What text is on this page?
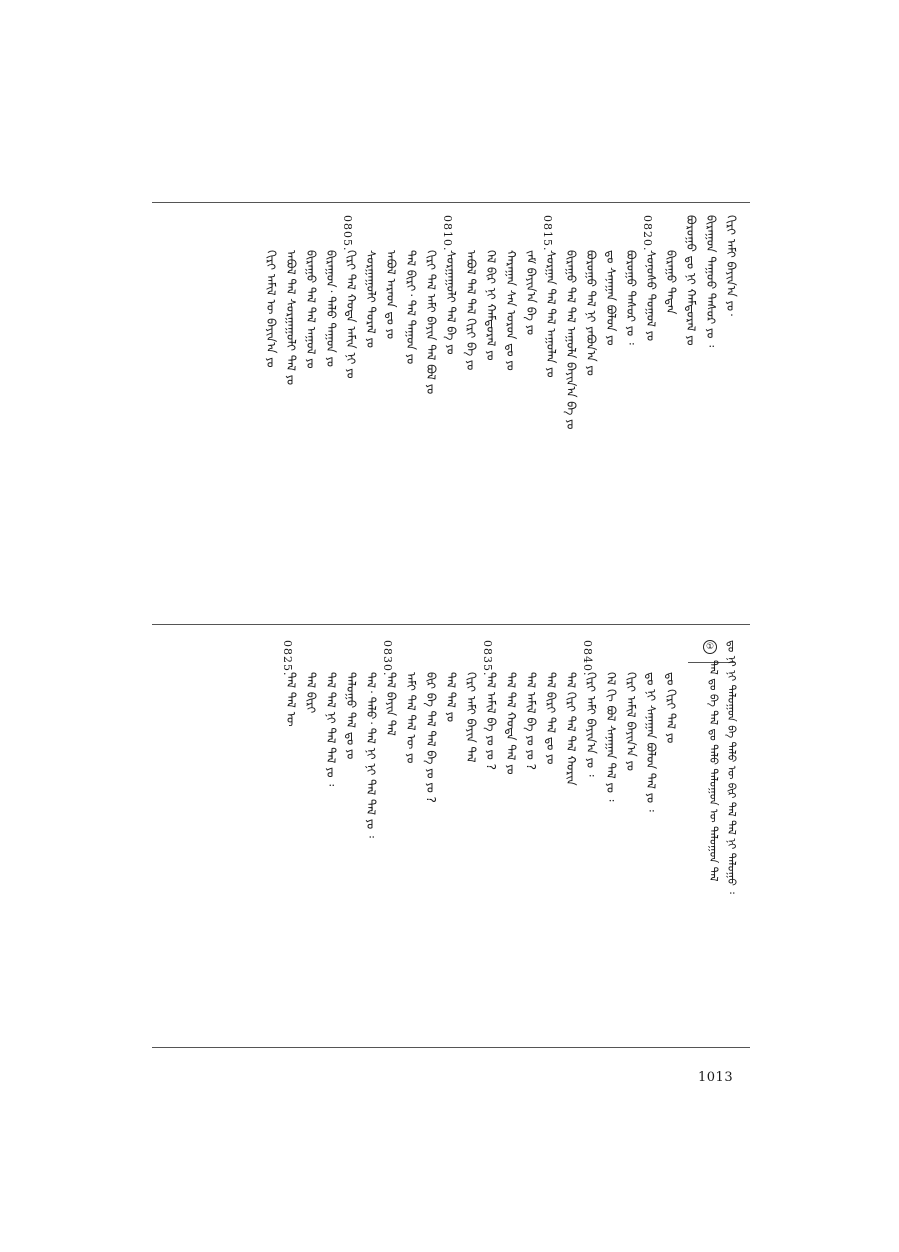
ᠬᠢᠷᠢ ᠠᠮᠢ ᠪᠠᠶᠢᠨ᠎ᠠ ᠶᠤ᠂
ᠪᠢᠷᠠᠭᠤᠨ ᠳᠠᠭᠤᠤ ᠲᠠᠰᠤᠷ ᠶᠤ ᠄
ᠪᠤᠷᠤᠭᠤ ᠳᠤ ᠨᠢ ᠬᠠᠮᠲᠤᠷᠠᠯ ᠶᠤ
ᠪᠢᠷᠠᠭᠤ ᠲᠠᠲᠠᠨ
ᠰᠣᠨᠣᠰᠤ ᠲᠤᠭᠤᠯ ᠶᠤ
0820.
ᠪᠤᠷᠤᠭᠤ ᠲᠠᠰᠤᠷ ᠶᠤ ᠄
ᠳᠤ ᠰᠠᠨᠠᠭᠠᠨ ᠪᠣᠯᠤᠨ ᠶᠤ
ᠪᠣᠷᠤᠭᠤ ᠲᠠᠯ ᠨᠢ ᠶᠠᠪᠤᠨ᠎ᠠ ᠶᠤ
ᠪᠢᠷᠠᠭᠤ ᠲᠠᠯ ᠲᠠᠯ ᠠᠭᠤᠯᠠ ᠪᠠᠶᠢᠨ᠎ᠠ ᠪᠠ ᠶᠤ
ᠰᠤᠷᠭᠠᠨ ᠲᠠᠯ ᠲᠠᠯ ᠠᠭᠤᠯᠠᠨ ᠶᠤ
0815.
ᠵᠠᠮ ᠪᠠᠶᠢᠨ᠎ᠠ ᠪᠠ ᠶᠤ
ᠬᠠᠷᠠᠭᠠᠨ ᠰᠠᠨ ᠣᠷᠣᠨ ᠳᠤ ᠶᠤ
ᠬᠡᠯ ᠪᠢᠷ ᠨᠢ ᠬᠠᠮᠲᠤᠷᠠᠯ ᠶᠤ
ᠠᠪᠤᠯ ᠲᠠᠯ ᠲᠠᠯ ᠬᠢᠷᠢ ᠪᠠ ᠶᠤ
ᠰᠤᠷᠭᠠᠭᠤᠯᠢ ᠲᠠᠯ ᠪᠠ ᠶᠤ
0810.
ᠬᠢᠷᠢ ᠲᠠᠯ ᠠᠮᠢ ᠪᠠᠶᠢᠨ ᠲᠠᠯ ᠪᠣᠯ ᠶᠤ
ᠲᠠᠯ ᠪᠢᠷᠢ᠂ ᠲᠠᠯ ᠳᠠᠭᠤᠨ ᠶᠤ
ᠠᠪᠤᠯ ᠠᠷᠠᠳ ᠳᠤ ᠶᠤ
ᠰᠤᠷᠭᠠᠭᠤᠯᠢ ᠲᠤᠷᠠᠯ ᠶᠤ
ᠬᠢᠷᠢ ᠲᠠᠯ ᠬᠣᠲᠠ ᠠᠮᠢᠨ ᠨᠢ ᠶᠤ
0805.
ᠪᠢᠷᠠᠭᠤᠨ᠂ ᠲᠠᠯᠤ ᠳᠠᠭᠤᠨ ᠶᠤ
ᠪᠢᠷᠠᠭᠤ ᠲᠠᠯ ᠲᠠᠯ ᠠᠭᠤᠯ ᠶᠤ
ᠠᠪᠤᠯ ᠲᠠᠯ ᠰᠤᠷᠭᠠᠭᠤᠯᠢ ᠲᠠᠯ ᠶᠤ
ᠬᠢᠷᠢ ᠠᠮᠢᠯ ᠦ ᠪᠠᠶᠢᠨ᠎ᠠ ᠶᠤ
ᠳᠤ ᠨᠢ ᠨᠢ ᠲᠠᠯᠤᠭᠤᠨ ᠪᠠ ᠲᠠᠯᠤ ᠦ ᠪᠢᠷ ᠲᠠᠯ ᠲᠠᠯ ᠨᠢ ᠲᠠᠯᠤᠭᠤ ᠄
①
ᠲᠠᠯ ᠳᠤ ᠪᠠ ᠲᠠᠯ ᠳᠤ ᠲᠠᠯᠤ ᠲᠠᠯᠤᠭᠤᠨ ᠦ ᠲᠠᠯᠤᠭᠤᠨ ᠲᠠᠯ
ᠳᠤ ᠬᠢᠷᠢ ᠲᠠᠯ ᠶᠤ
ᠳᠤ ᠨᠢ ᠰᠠᠨᠠᠭᠠᠨ ᠪᠣᠯᠤᠨ ᠲᠠᠯ ᠶᠤ ᠄
ᠬᠢᠷᠢ ᠠᠮᠢᠯ ᠪᠠᠶᠢᠨ᠎ᠠ ᠶᠤ
ᠬᠡᠯ ᠬᠢ ᠪᠣᠯ ᠰᠠᠨᠠᠭᠠᠨ ᠲᠠᠯ ᠶᠤ ᠄
ᠬᠢᠷᠢ ᠠᠮᠢ ᠪᠠᠶᠢᠨ᠎ᠠ ᠶᠤ ᠄
0840.
ᠲᠠᠯ ᠬᠢᠷᠢ ᠲᠠᠯ ᠲᠠᠯ ᠬᠣᠷᠢᠨ
ᠲᠠᠯ ᠪᠢᠷᠢ ᠲᠠᠯ ᠳᠤ ᠶᠤ
ᠲᠠᠯ ᠠᠮᠢᠯ ᠪᠠ ᠶᠤ ᠶᠤ ?
ᠲᠠᠯ ᠲᠠᠯ ᠬᠣᠲᠠ ᠲᠠᠯ ᠶᠤ
ᠲᠠᠯ ᠠᠮᠢᠯ ᠪᠠ ᠶᠤ ᠶᠤ ?
0835.
ᠬᠢᠷᠢ ᠠᠮᠢ ᠪᠠᠶᠢᠨ ᠲᠠᠯ
ᠲᠠᠯ ᠲᠠᠯ ᠶᠤ
ᠪᠢᠷ ᠪᠠ ᠲᠠᠯ ᠲᠠᠯ ᠪᠠ ᠶᠤ ᠶᠤ ?
ᠠᠮᠢ ᠲᠠᠯ ᠲᠠᠯ ᠦ ᠶᠤ
ᠲᠠᠯ ᠪᠠᠶᠢᠨ ᠲᠠᠯ
0830.
ᠲᠠᠯ᠂ ᠲᠠᠯᠤ᠂ ᠲᠠᠯ ᠨᠢ ᠨᠢ ᠲᠠᠯ ᠲᠠᠯ ᠶᠤ ᠄
ᠲᠠᠯᠤᠭᠤ ᠲᠠᠯ ᠳᠤ ᠶᠤ
ᠲᠠᠯ ᠲᠠᠯ ᠨᠢ ᠲᠠᠯ ᠲᠠᠯ ᠶᠤ ᠄
ᠲᠠᠯ ᠪᠢᠷᠢ
ᠲᠠᠯ ᠲᠠᠯ ᠦ
0825.
1013
